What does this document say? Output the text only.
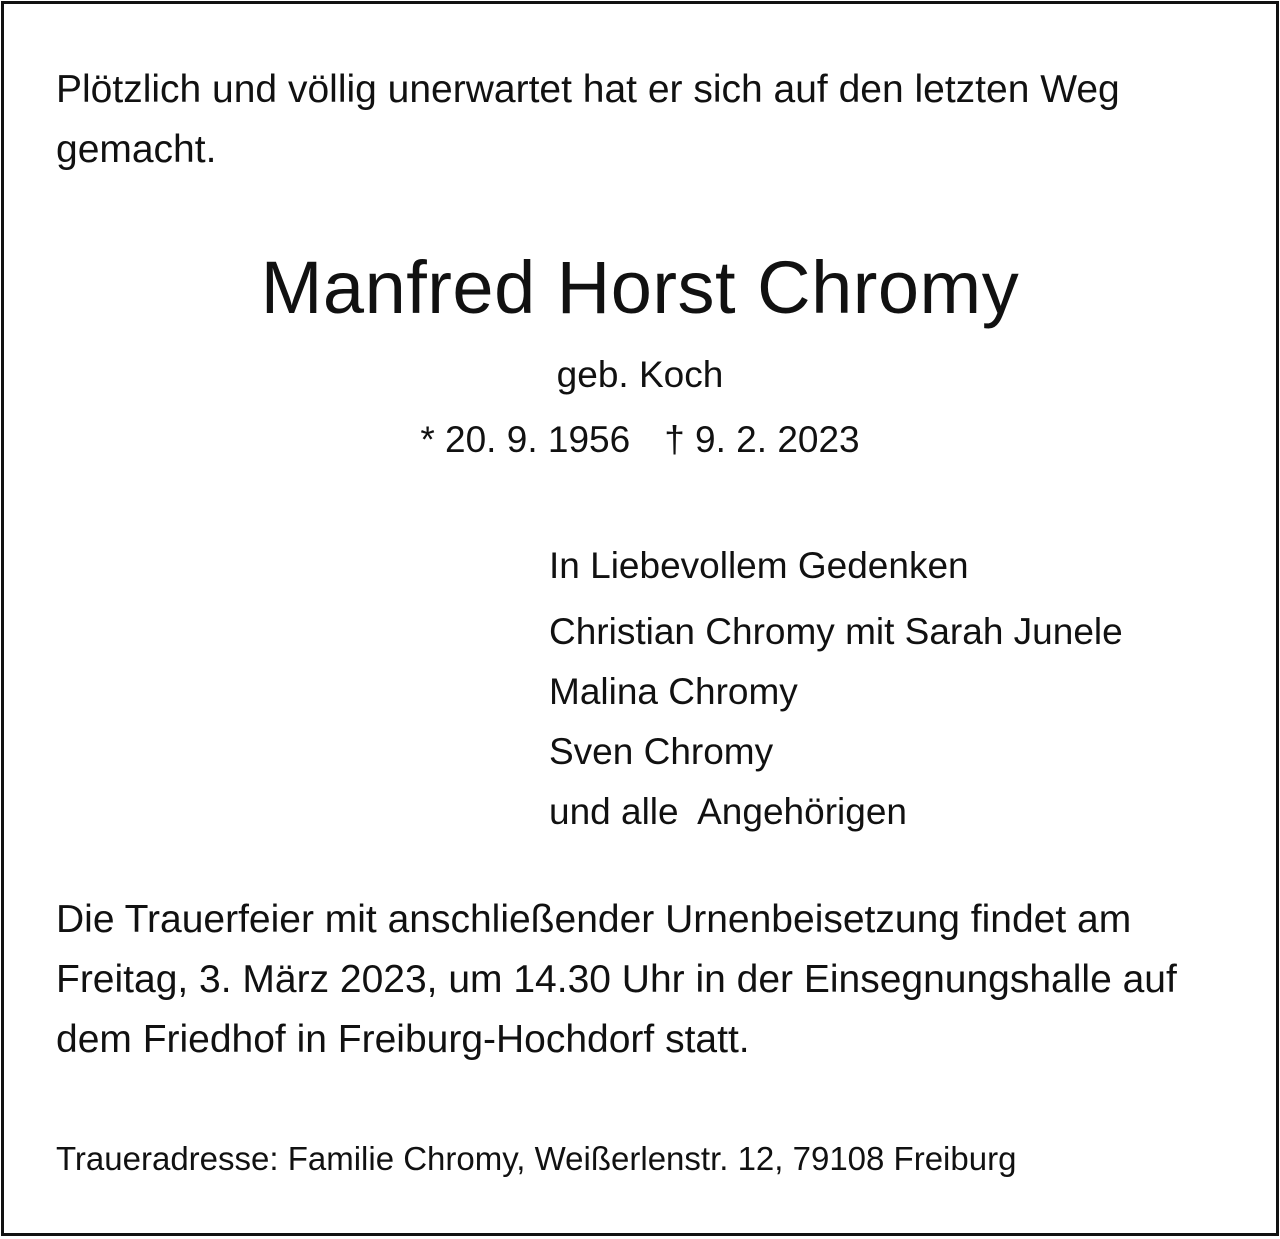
Plötzlich und völlig unerwartet hat er sich auf den letzten Weg gemacht.

Manfred Horst Chromy

geb. Koch

* 20. 9. 1956 † 9. 2. 2023

In Liebevollem Gedenken
Christian Chromy mit Sarah Junele
Malina Chromy
Sven Chromy
und alle  Angehörigen

Die Trauerfeier mit anschließender Urnenbeisetzung findet am Freitag, 3. März 2023, um 14.30 Uhr in der Einsegnungshalle auf dem Friedhof in Freiburg-Hochdorf statt.

Traueradresse: Familie Chromy, Weißerlenstr. 12, 79108 Freiburg
